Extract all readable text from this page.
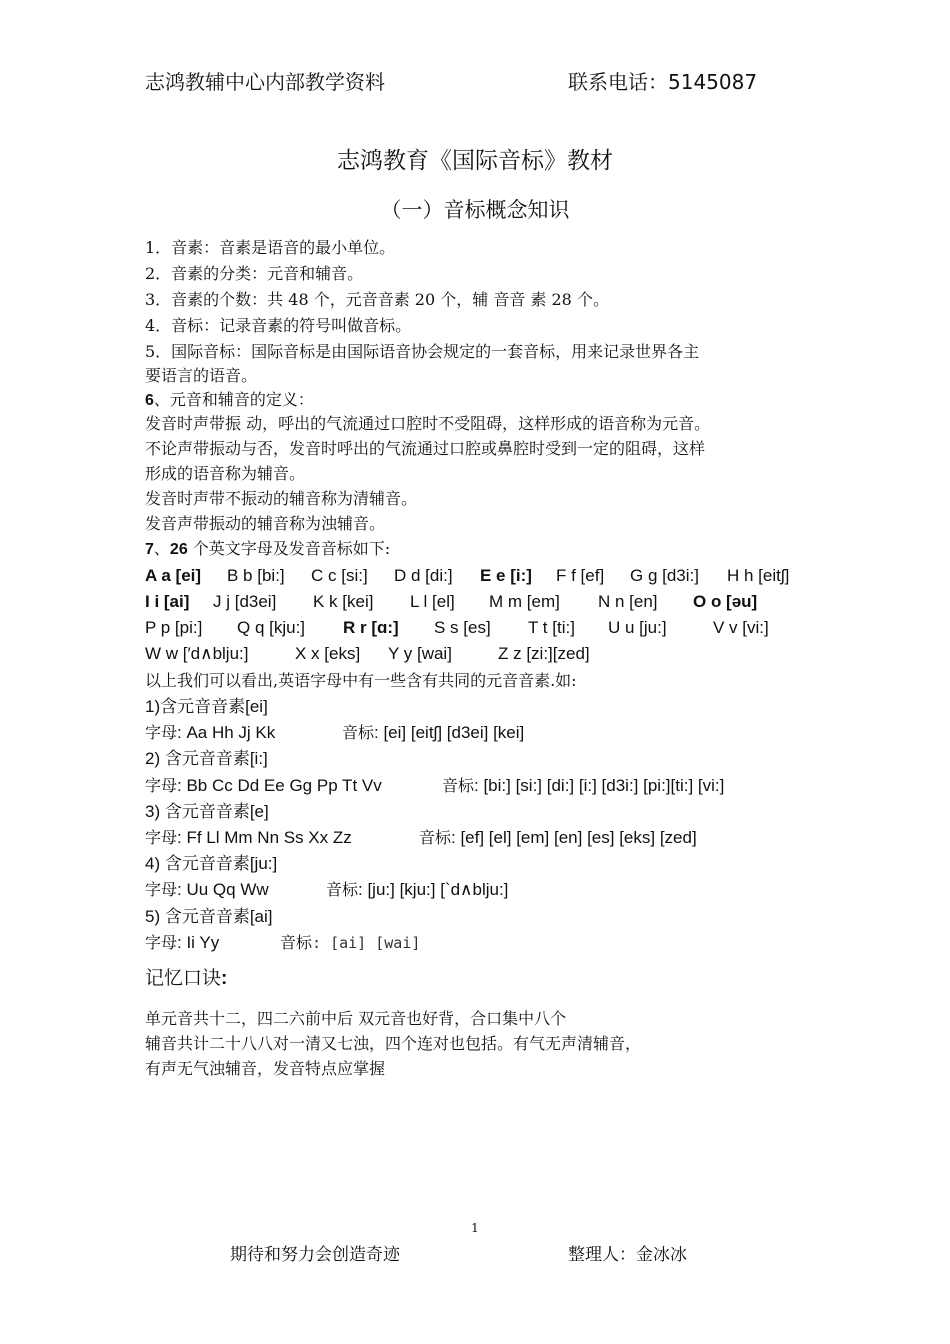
志鸿教辅中心内部教学资料	联系电话：5145087
志鸿教育《国际音标》教材
（一）音标概念知识
1．音素：音素是语音的最小单位。
2．音素的分类：元音和辅音。
3．音素的个数：共 48 个，元音音素 20 个，辅 音音 素 28 个。
4．音标：记录音素的符号叫做音标。
5．国际音标：国际音标是由国际语音协会规定的一套音标，用来记录世界各主
要语言的语音。
6、元音和辅音的定义：
发音时声带振 动，呼出的气流通过口腔时不受阻碍，这样形成的语音称为元音。
不论声带振动与否，发音时呼出的气流通过口腔或鼻腔时受到一定的阻碍，这样
形成的语音称为辅音。
发音时声带不振动的辅音称为清辅音。
发音声带振动的辅音称为浊辅音。
7、26 个英文字母及发音音标如下:
A a [ei] B b [bi:] C c [si:] D d [di:] E e [i:] F f [ef] G g [d3i:] H h [eitʃ]
I i [ai] J j [d3ei] K k [kei] L l [el] M m [em] N n [en] O o [əu]
P p [pi:] Q q [kju:] R r [ɑ:] S s [es] T t [ti:] U u [ju:]	V v [vi:]
W w [′d∧blju:]	X x [eks] Y y [wai]	Z z [zi:][zed]
以上我们可以看出,英语字母中有一些含有共同的元音音素.如:
1)含元音音素[ei]
字母: Aa Hh Jj Kk	音标: [ei] [eitʃ] [d3ei] [kei]
2) 含元音音素[i:]
字母: Bb Cc Dd Ee Gg Pp Tt Vv	音标: [bi:] [si:] [di:] [i:] [d3i:] [pi:][ti:] [vi:]
3) 含元音音素[e]
字母: Ff Ll Mm Nn Ss Xx Zz	音标: [ef] [el] [em] [en] [es] [eks] [zed]
4) 含元音音素[ju:]
字母: Uu Qq Ww	音标: [ju:] [kju:] [`d∧blju:]
5) 含元音音素[ai]
字母: Ii Yy	音标: [ai] [wai]
记忆口诀:
单元音共十二，四二六前中后 双元音也好背，合口集中八个
辅音共计二十八八对一清又七浊，四个连对也包括。有气无声清辅音，
有声无气浊辅音，发音特点应掌握
1
期待和努力会创造奇迹	整理人：金冰冰
